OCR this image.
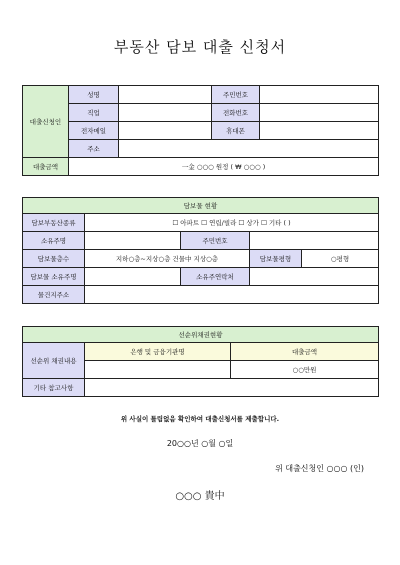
부동산 담보 대출 신청서
대출신청인	성명		주민번호	
	직업		전화번호	
	전자메일		휴대폰	
	주소			
대출금액	一金 ○○○ 원정 ( ₩ ○○○ )			
담보물 현황				
담보부동산종류	☐ 아파트 ☐ 연립/빌라 ☐ 상가 ☐ 기타 ( )			
소유주명		주민번호		
담보물층수	지하○층~지상○층 건물中 지상○층		담보물평형	○평형
담보물 소유주명		소유주연락처		
물건지주소				
선순위채권현황		
선순위 채권내용	은행 및 금융기관명	대출금액
		○○만원
기타 참고사항		
위 사실이 틀림없음 확인하여 대출신청서를 제출합니다.
20○○년 ○월 ○일
위 대출신청인 ○○○ (인)
○○○ 貴中
